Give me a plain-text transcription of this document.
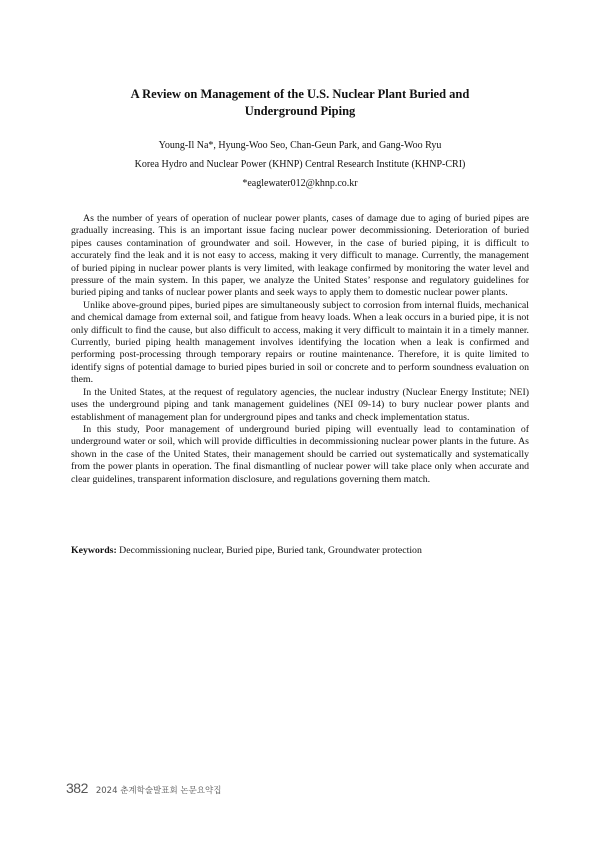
A Review on Management of the U.S. Nuclear Plant Buried and Underground Piping

Young-Il Na*, Hyung-Woo Seo, Chan-Geun Park, and Gang-Woo Ryu

Korea Hydro and Nuclear Power (KHNP) Central Research Institute (KHNP-CRI)

*eaglewater012@khnp.co.kr

As the number of years of operation of nuclear power plants, cases of damage due to aging of buried pipes are gradually increasing. This is an important issue facing nuclear power decommissioning. Deterioration of buried pipes causes contamination of groundwater and soil. However, in the case of buried piping, it is difficult to accurately find the leak and it is not easy to access, making it very difficult to manage. Currently, the management of buried piping in nuclear power plants is very limited, with leakage confirmed by monitoring the water level and pressure of the main system. In this paper, we analyze the United States’ response and regulatory guidelines for buried piping and tanks of nuclear power plants and seek ways to apply them to domestic nuclear power plants.

Unlike above-ground pipes, buried pipes are simultaneously subject to corrosion from internal fluids, mechanical and chemical damage from external soil, and fatigue from heavy loads. When a leak occurs in a buried pipe, it is not only difficult to find the cause, but also difficult to access, making it very difficult to maintain it in a timely manner. Currently, buried piping health management involves identifying the location when a leak is confirmed and performing post-processing through temporary repairs or routine maintenance. Therefore, it is quite limited to identify signs of potential damage to buried pipes buried in soil or concrete and to perform soundness evaluation on them.

In the United States, at the request of regulatory agencies, the nuclear industry (Nuclear Energy Institute; NEI) uses the underground piping and tank management guidelines (NEI 09-14) to bury nuclear power plants and establishment of management plan for underground pipes and tanks and check implementation status.

In this study, Poor management of underground buried piping will eventually lead to contamination of underground water or soil, which will provide difficulties in decommissioning nuclear power plants in the future. As shown in the case of the United States, their management should be carried out systematically and systematically from the power plants in operation. The final dismantling of nuclear power will take place only when accurate and clear guidelines, transparent information disclosure, and regulations governing them match.

Keywords: Decommissioning nuclear, Buried pipe, Buried tank, Groundwater protection

382 2024 춘계학술발표회 논문요약집
